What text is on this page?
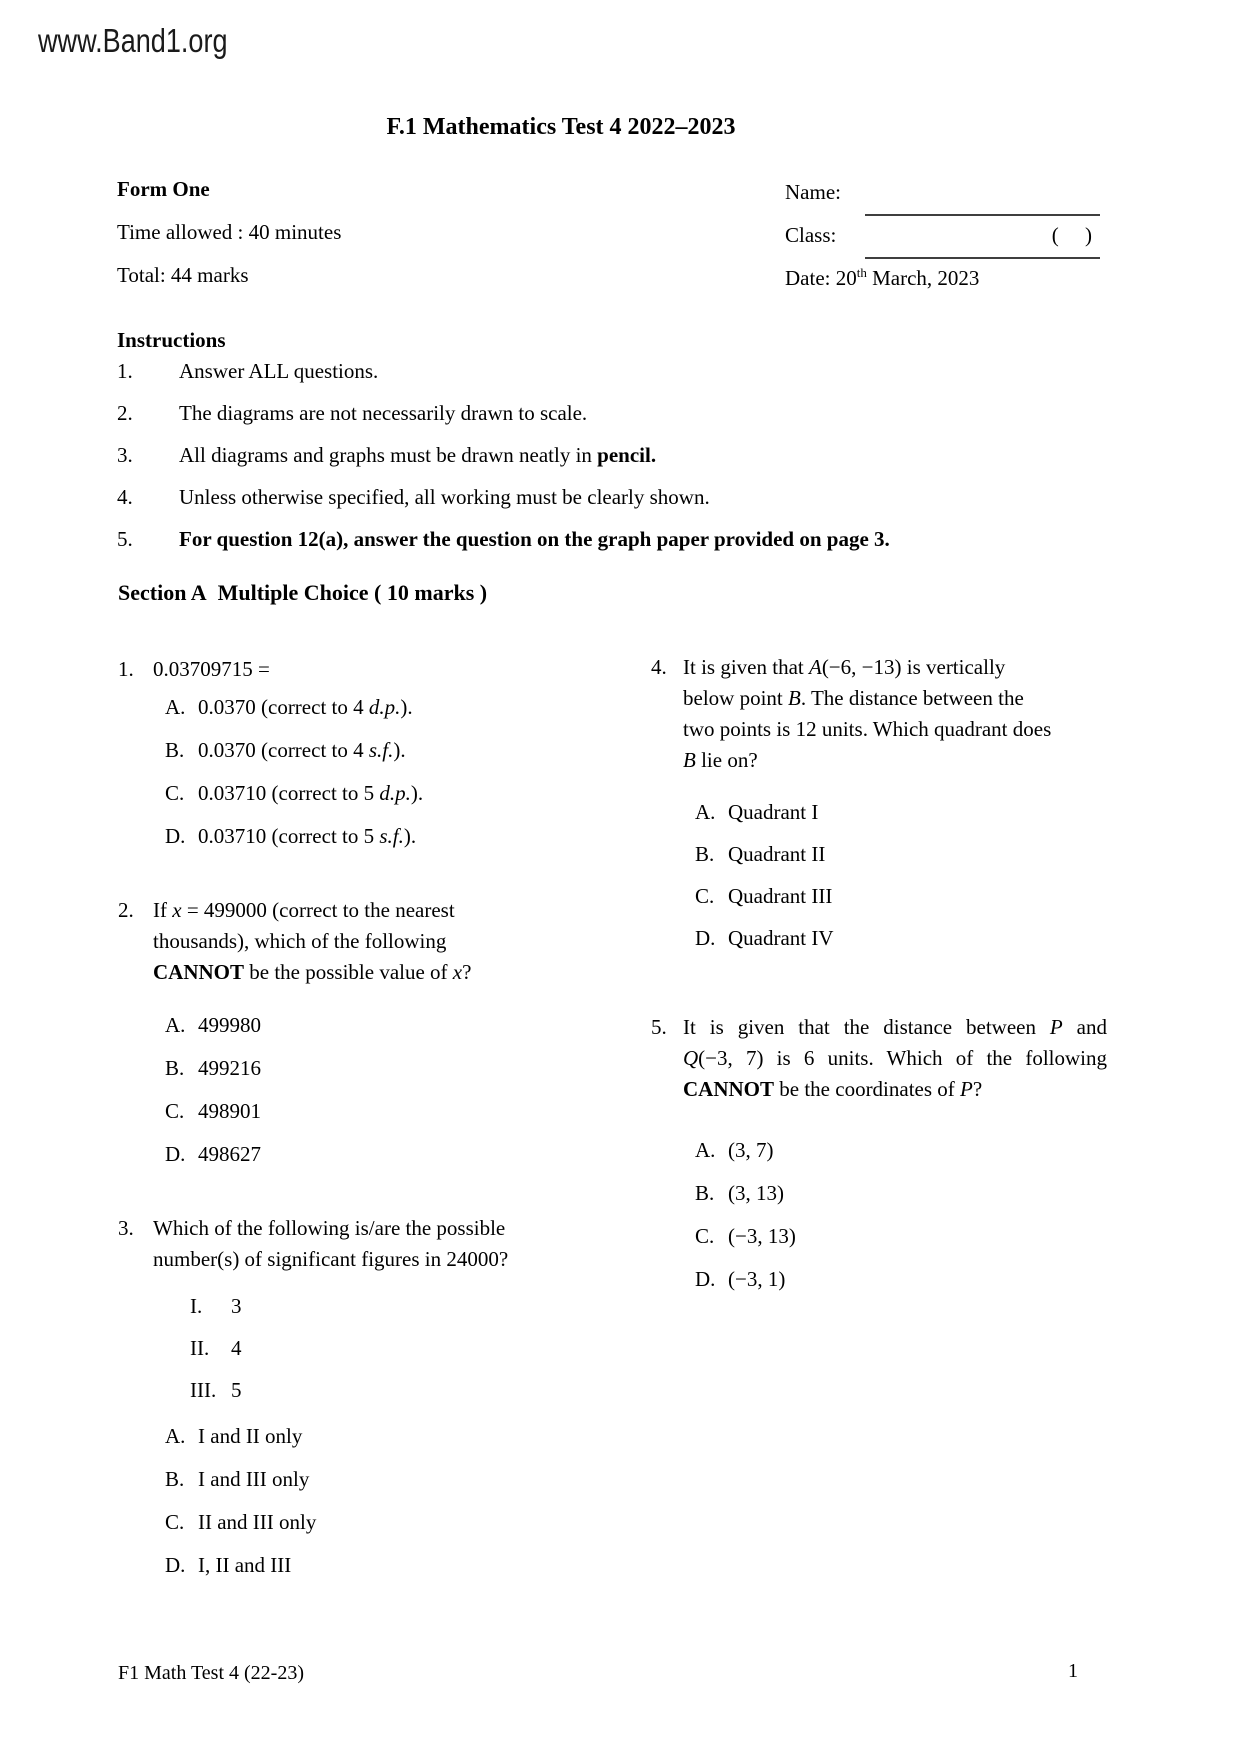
www.Band1.org
F.1 Mathematics Test 4 2022–2023
Form One
Time allowed : 40 minutes
Total: 44 marks
Name:
Class:	(     )
Date: 20th March, 2023
Instructions
1.	Answer ALL questions.
2.	The diagrams are not necessarily drawn to scale.
3.	All diagrams and graphs must be drawn neatly in pencil.
4.	Unless otherwise specified, all working must be clearly shown.
5.	For question 12(a), answer the question on the graph paper provided on page 3.
Section A  Multiple Choice ( 10 marks )
1. 0.03709715 =
A. 0.0370 (correct to 4 d.p.).
B. 0.0370 (correct to 4 s.f.).
C. 0.03710 (correct to 5 d.p.).
D. 0.03710 (correct to 5 s.f.).
2. If x = 499000 (correct to the nearest
thousands), which of the following
CANNOT be the possible value of x?
A. 499980
B. 499216
C. 498901
D. 498627
3. Which of the following is/are the possible
number(s) of significant figures in 24000?
I.	3
II.	4
III. 5
A. I and II only
B. I and III only
C. II and III only
D. I, II and III
4. It is given that A(−6, −13) is vertically
below point B. The distance between the
two points is 12 units. Which quadrant does
B lie on?
A. Quadrant I
B. Quadrant II
C. Quadrant III
D. Quadrant IV
5. It is given that the distance between P and
Q(−3, 7) is 6 units. Which of the following
CANNOT be the coordinates of P?
A. (3, 7)
B. (3, 13)
C. (−3, 13)
D. (−3, 1)
F1 Math Test 4 (22-23)	1
